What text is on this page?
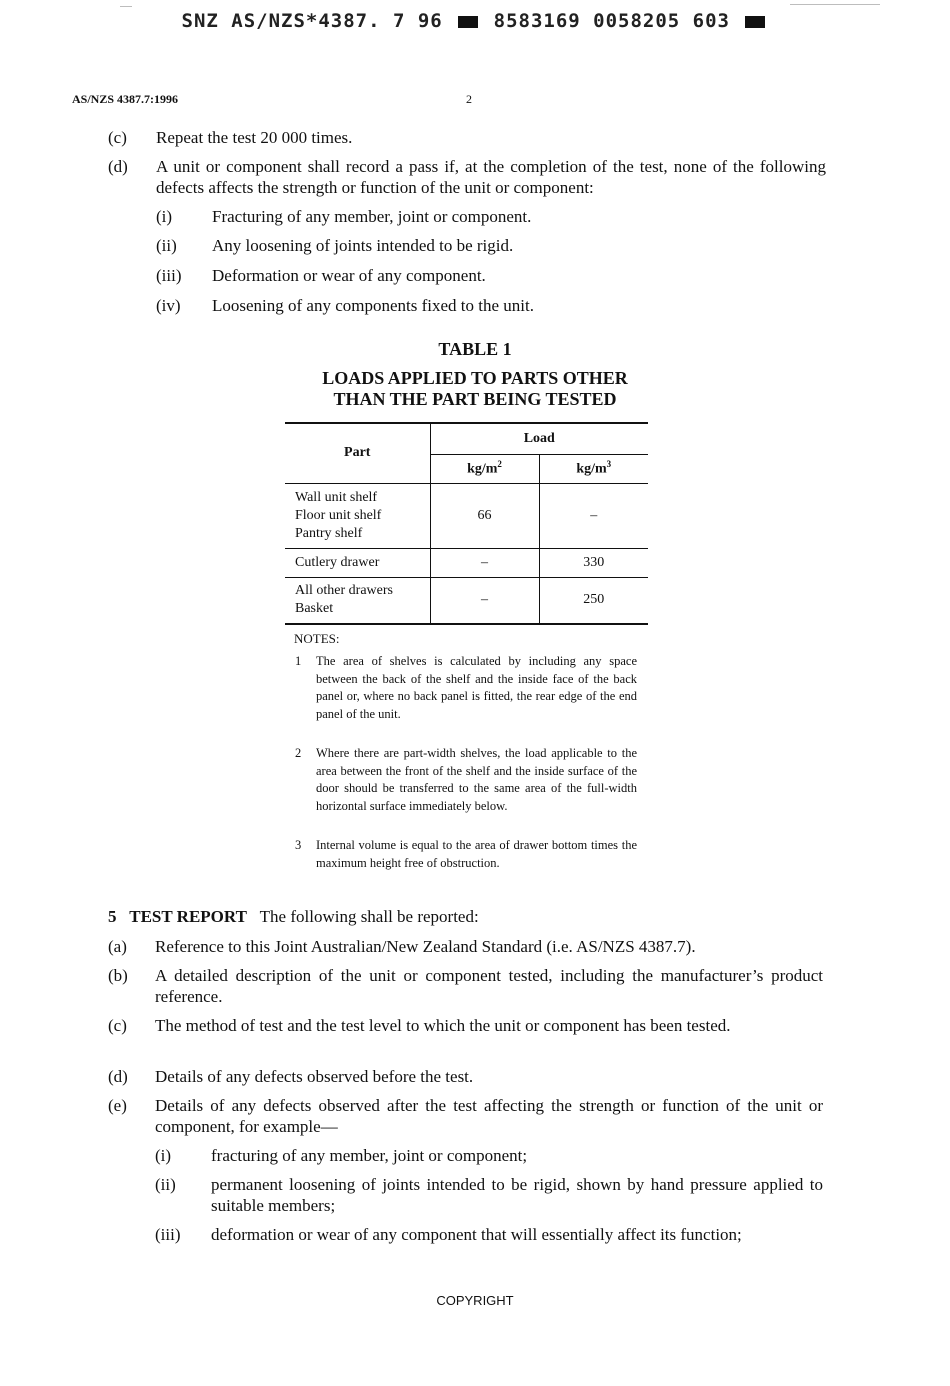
SNZ AS/NZS*4387. 7 96	8583169 0058205 603
AS/NZS 4387.7:1996	2
(c) Repeat the test 20 000 times.
(d) A unit or component shall record a pass if, at the completion of the test, none of the following defects affects the strength or function of the unit or component:
(i) Fracturing of any member, joint or component.
(ii) Any loosening of joints intended to be rigid.
(iii) Deformation or wear of any component.
(iv) Loosening of any components fixed to the unit.
TABLE 1
LOADS APPLIED TO PARTS OTHER
THAN THE PART BEING TESTED
Part	Load	
	$kg/m^2$	$kg/m^3$

Wall unit shelf
Floor unit shelf
Pantry shelf	66	–

Cutlery drawer	–	330

All other drawers
Basket	–	250
NOTES:
1 The area of shelves is calculated by including any space between the back of the shelf and the inside face of the back panel or, where no back panel is fitted, the rear edge of the end panel of the unit.
2 Where there are part-width shelves, the load applicable to the area between the front of the shelf and the inside surface of the door should be transferred to the same area of the full-width horizontal surface immediately below.
3 Internal volume is equal to the area of drawer bottom times the maximum height free of obstruction.
5 TEST REPORT The following shall be reported:
(a) Reference to this Joint Australian/New Zealand Standard (i.e. AS/NZS 4387.7).
(b) A detailed description of the unit or component tested, including the manufacturer’s product reference.
(c) The method of test and the test level to which the unit or component has been tested.
(d) Details of any defects observed before the test.
(e) Details of any defects observed after the test affecting the strength or function of the unit or component, for example—
(i) fracturing of any member, joint or component;
(ii) permanent loosening of joints intended to be rigid, shown by hand pressure applied to suitable members;
(iii) deformation or wear of any component that will essentially affect its function;
COPYRIGHT
